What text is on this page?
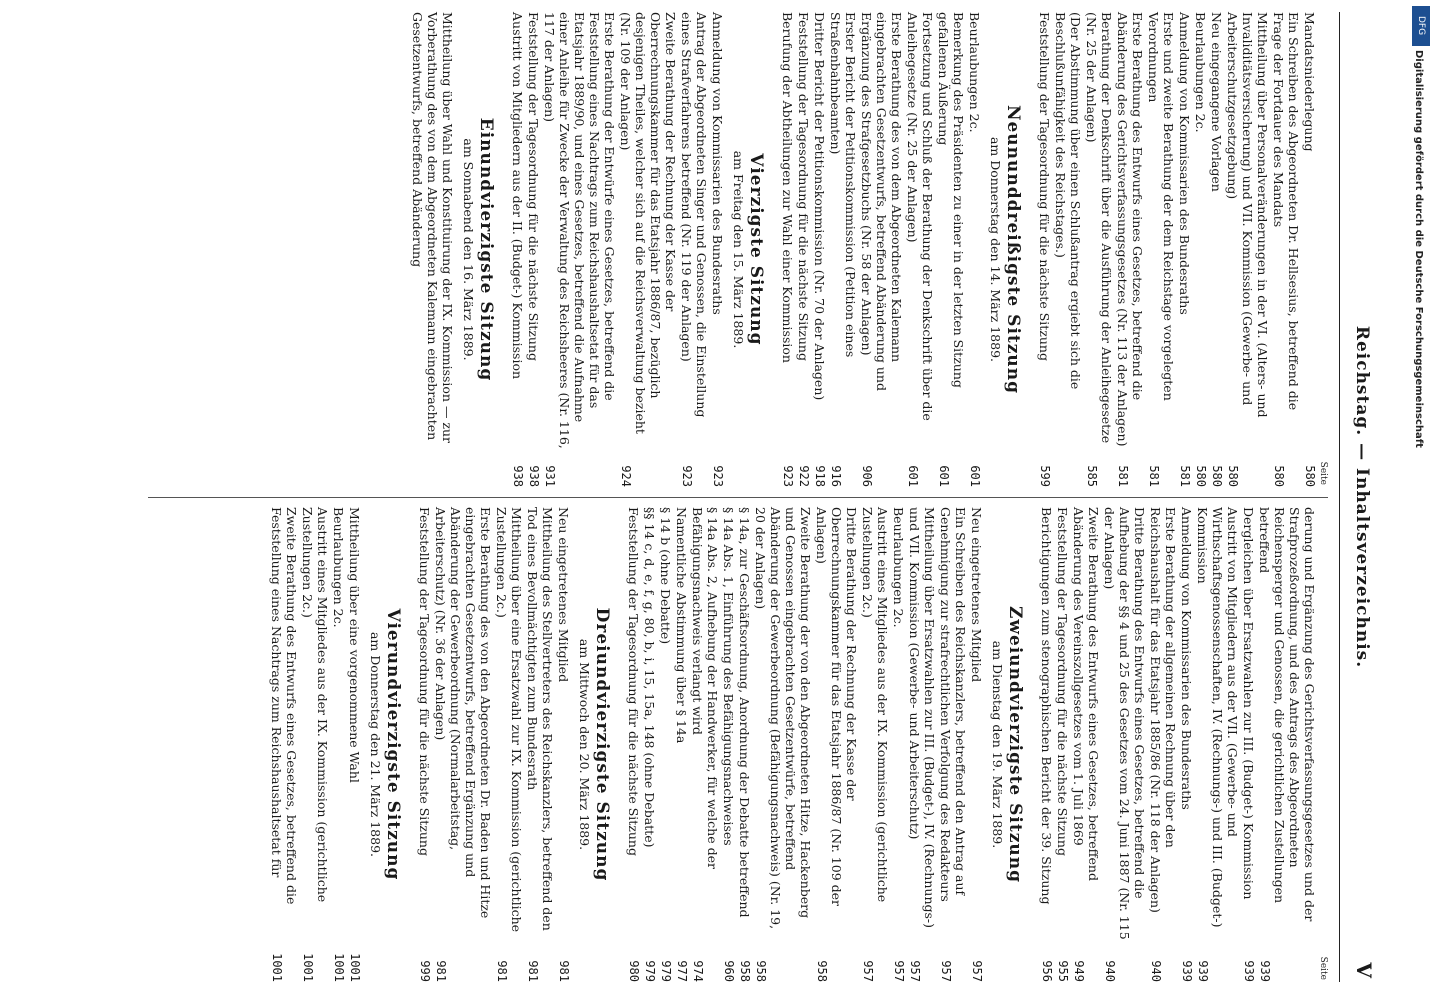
Reichstag. — Inhaltsverzeichnis.
V
Seite
Mandatsniederlegung
580
Ein Schreiben des Abgeordneten Dr. Hellsesius, betreffend die Frage der Fortdauer des Mandats
580
Mittheilung über Personalveränderungen in der VI. (Alters- und Invaliditätsversicherung) und VII. Kommission (Gewerbe- und Arbeiterschutzgesetzgebung)
580
Neu eingegangene Vorlagen
580
Beurlaubungen 2c.
580
Anmeldung von Kommissarien des Bundesraths
581
Erste und zweite Berathung der dem Reichstage vorgelegten Verordnungen
581
Erste Berathung des Entwurfs eines Gesetzes, betreffend die Abänderung des Gerichtsverfassungsgesetzes (Nr. 113 der Anlagen)
581
Berathung der Denkschrift über die Ausführung der Anleihegesetze (Nr. 25 der Anlagen)
585
(Der Abstimmung über einen Schlußantrag ergiebt sich die Beschlußunfähigkeit des Reichstages.)
Feststellung der Tagesordnung für die nächste Sitzung
599
Neununddreißigste Sitzung
am Donnerstag den 14. März 1889.
Beurlaubungen 2c.
601
Bemerkung des Präsidenten zu einer in der letzten Sitzung gefallenen Äußerung
601
Fortsetzung und Schluß der Berathung der Denkschrift über die Anleihegesetze (Nr. 25 der Anlagen)
601
Erste Berathung des von dem Abgeordneten Kalemann eingebrachten Gesetzentwurfs, betreffend Abänderung und Ergänzung des Strafgesetzbuchs (Nr. 58 der Anlagen)
906
Erster Bericht der Petitionskommission (Petition eines Straßenbahnbeamten)
916
Dritter Bericht der Petitionskommission (Nr. 70 der Anlagen)
918
Feststellung der Tagesordnung für die nächste Sitzung
922
Berufung der Abtheilungen zur Wahl einer Kommission
923
Vierzigste Sitzung
am Freitag den 15. März 1889.
Anmeldung von Kommissarien des Bundesraths
923
Antrag der Abgeordneten Singer und Genossen, die Einstellung eines Strafverfahrens betreffend (Nr. 119 der Anlagen)
923
Zweite Berathung der Rechnung der Kasse der Oberrechnungskammer für das Etatsjahr 1886/87, bezüglich desjenigen Theiles, welcher sich auf die Reichsverwaltung bezieht (Nr. 109 der Anlagen)
924
Erste Berathung der Entwürfe eines Gesetzes, betreffend die Feststellung eines Nachtrags zum Reichshaushaltsetat für das Etatsjahr 1889/90, und eines Gesetzes, betreffend die Aufnahme einer Anleihe für Zwecke der Verwaltung des Reichsheeres (Nr. 116, 117 der Anlagen)
931
Feststellung der Tagesordnung für die nächste Sitzung
938
Austritt von Mitgliedern aus der II. (Budget-) Kommission
938
Einundvierzigste Sitzung
am Sonnabend den 16. März 1889.
Mittheilung über Wahl und Konstituirung der IX. Kommission — zur Vorberathung des von dem Abgeordneten Kalemann eingebrachten Gesetzentwurfs, betreffend Abänderung
Seite
derung und Ergänzung des Gerichtsverfassungsgesetzes und der Strafprozeßordnung, und des Antrags des Abgeordneten Reichensperger und Genossen, die gerichtlichen Zustellungen betreffend
939
Dergleichen über Ersatzwahlen zur III. (Budget-) Kommission
939
Austritt von Mitgliedern aus der VII. (Gewerbe- und Wirthschaftsgenossenschaften, IV. (Rechnungs-) und III. (Budget-) Kommission
939
Anmeldung von Kommissarien des Bundesraths
939
Erste Berathung der allgemeinen Rechnung über den Reichshaushalt für das Etatsjahr 1885/86 (Nr. 118 der Anlagen)
940
Dritte Berathung des Entwurfs eines Gesetzes, betreffend die Aufhebung der §§ 4 und 25 des Gesetzes vom 24. Juni 1887 (Nr. 115 der Anlagen)
940
Zweite Berathung des Entwurfs eines Gesetzes, betreffend Abänderung des Vereinszollgesetzes vom 1. Juli 1869
949
Feststellung der Tagesordnung für die nächste Sitzung
955
Berichtigungen zum stenographischen Bericht der 39. Sitzung
956
Zweiundvierzigste Sitzung
am Dienstag den 19. März 1889.
Neu eingetretenes Mitglied
957
Ein Schreiben des Reichskanzlers, betreffend den Antrag auf Genehmigung zur strafrechtlichen Verfolgung des Redakteurs
957
Mittheilung über Ersatzwahlen zur III. (Budget-), IV. (Rechnungs-) und VII. Kommission (Gewerbe- und Arbeiterschutz)
957
Beurlaubungen 2c.
957
Austritt eines Mitgliedes aus der IX. Kommission (gerichtliche Zustellungen 2c.)
957
Dritte Berathung der Rechnung der Kasse der Oberrechnungskammer für das Etatsjahr 1886/87 (Nr. 109 der Anlagen)
958
Zweite Berathung der von den Abgeordneten Hitze, Hackenberg und Genossen eingebrachten Gesetzentwürfe, betreffend Abänderung der Gewerbeordnung (Befähigungsnachweis) (Nr. 19, 20 der Anlagen)
958
§ 14a, zur Geschäftsordnung, Anordnung der Debatte betreffend
958
§ 14a Abs. 1, Einführung des Befähigungsnachweises
960
§ 14a Abs. 2, Aufhebung der Handwerker, für welche der Befähigungsnachweis verlangt wird
974
Namentliche Abstimmung über § 14a
977
§ 14 b (ohne Debatte)
979
§§ 14 c, d, e, f, g, 80, b, i, 15, 15a, 148 (ohne Debatte)
979
Feststellung der Tagesordnung für die nächste Sitzung
980
Dreiundvierzigste Sitzung
am Mittwoch den 20. März 1889.
Neu eingetretenes Mitglied
981
Mittheilung des Stellvertreters des Reichskanzlers, betreffend den Tod eines Bevollmächtigten zum Bundesrath
981
Mittheilung über eine Ersatzwahl zur IX. Kommission (gerichtliche Zustellungen 2c.)
981
Erste Berathung des von den Abgeordneten Dr. Baden und Hitze eingebrachten Gesetzentwurfs, betreffend Ergänzung und Abänderung der Gewerbeordnung (Normalarbeitstag, Arbeiterschutz) (Nr. 36 der Anlagen)
981
Feststellung der Tagesordnung für die nächste Sitzung
999
Vierundvierzigste Sitzung
am Donnerstag den 21. März 1889.
Mittheilung über eine vorgenommene Wahl
1001
Beurlaubungen 2c.
1001
Austritt eines Mitgliedes aus der IX. Kommission (gerichtliche Zustellungen 2c.)
1001
Zweite Berathung des Entwurfs eines Gesetzes, betreffend die Feststellung eines Nachtrags zum Reichshaushaltsetat für
1001
DFG
Digitalisierung gefördert durch die Deutsche Forschungsgemeinschaft
